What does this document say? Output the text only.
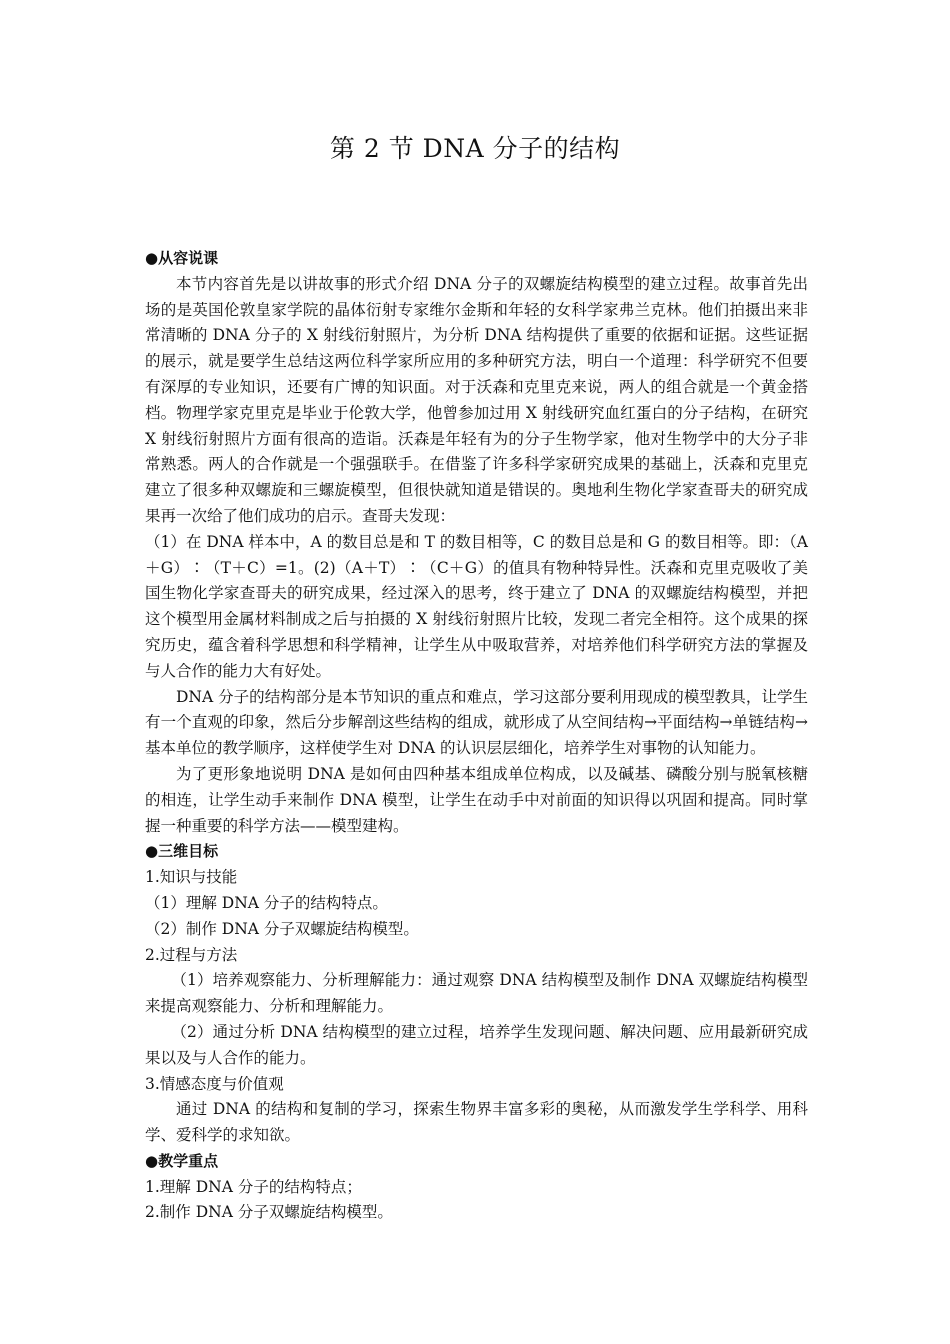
第 2 节 DNA 分子的结构

●从容说课

本节内容首先是以讲故事的形式介绍 DNA 分子的双螺旋结构模型的建立过程。故事首先出场的是英国伦敦皇家学院的晶体衍射专家维尔金斯和年轻的女科学家弗兰克林。他们拍摄出来非常清晰的 DNA 分子的 X 射线衍射照片，为分析 DNA 结构提供了重要的依据和证据。这些证据的展示，就是要学生总结这两位科学家所应用的多种研究方法，明白一个道理：科学研究不但要有深厚的专业知识，还要有广博的知识面。对于沃森和克里克来说，两人的组合就是一个黄金搭档。物理学家克里克是毕业于伦敦大学，他曾参加过用 X 射线研究血红蛋白的分子结构，在研究 X 射线衍射照片方面有很高的造诣。沃森是年轻有为的分子生物学家，他对生物学中的大分子非常熟悉。两人的合作就是一个强强联手。在借鉴了许多科学家研究成果的基础上，沃森和克里克建立了很多种双螺旋和三螺旋模型，但很快就知道是错误的。奥地利生物化学家查哥夫的研究成果再一次给了他们成功的启示。查哥夫发现：

（1）在 DNA 样本中，A 的数目总是和 T 的数目相等，C 的数目总是和 G 的数目相等。即：（A＋G）∶（T＋C）=1。(2)（A＋T）∶（C＋G）的值具有物种特异性。沃森和克里克吸收了美国生物化学家查哥夫的研究成果，经过深入的思考，终于建立了 DNA 的双螺旋结构模型，并把这个模型用金属材料制成之后与拍摄的 X 射线衍射照片比较，发现二者完全相符。这个成果的探究历史，蕴含着科学思想和科学精神，让学生从中吸取营养，对培养他们科学研究方法的掌握及与人合作的能力大有好处。

DNA 分子的结构部分是本节知识的重点和难点，学习这部分要利用现成的模型教具，让学生有一个直观的印象，然后分步解剖这些结构的组成，就形成了从空间结构→平面结构→单链结构→基本单位的教学顺序，这样使学生对 DNA 的认识层层细化，培养学生对事物的认知能力。

为了更形象地说明 DNA 是如何由四种基本组成单位构成，以及碱基、磷酸分别与脱氧核糖的相连，让学生动手来制作 DNA 模型，让学生在动手中对前面的知识得以巩固和提高。同时掌握一种重要的科学方法——模型建构。

●三维目标

1.知识与技能

（1）理解 DNA 分子的结构特点。

（2）制作 DNA 分子双螺旋结构模型。

2.过程与方法

（1）培养观察能力、分析理解能力：通过观察 DNA 结构模型及制作 DNA 双螺旋结构模型来提高观察能力、分析和理解能力。

（2）通过分析 DNA 结构模型的建立过程，培养学生发现问题、解决问题、应用最新研究成果以及与人合作的能力。

3.情感态度与价值观

通过 DNA 的结构和复制的学习，探索生物界丰富多彩的奥秘，从而激发学生学科学、用科学、爱科学的求知欲。

●教学重点

1.理解 DNA 分子的结构特点；

2.制作 DNA 分子双螺旋结构模型。
